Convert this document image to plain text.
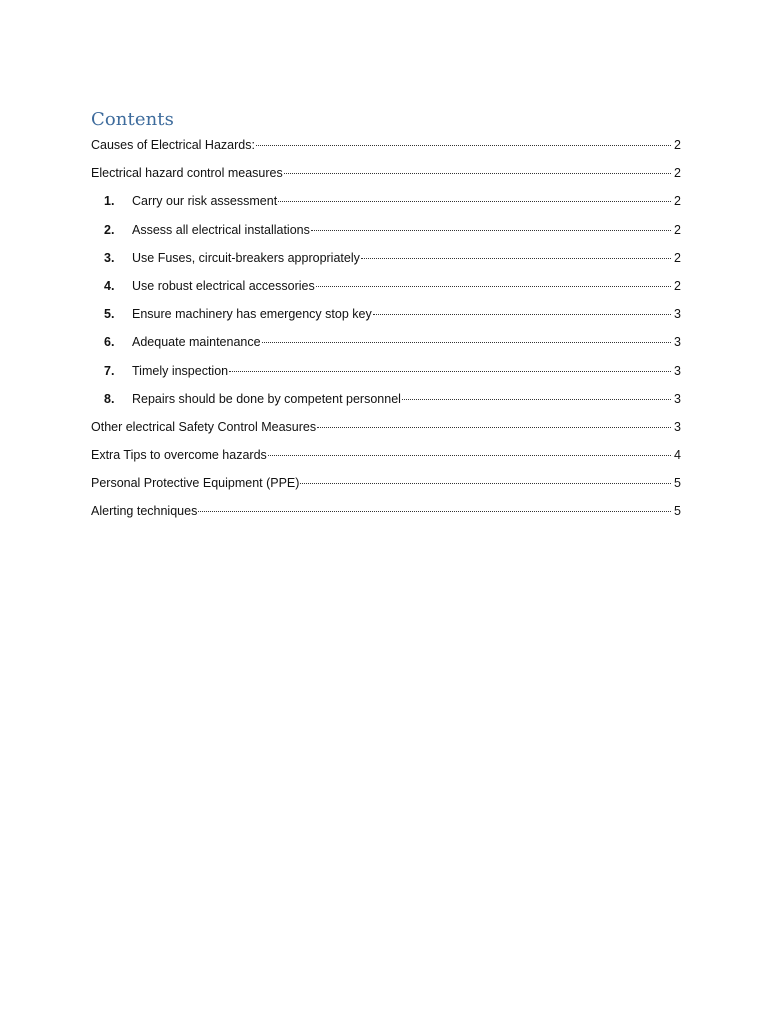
Contents
Causes of Electrical Hazards:	2
Electrical hazard control measures	2
1.	Carry our risk assessment	2
2.	Assess all electrical installations	2
3.	Use Fuses, circuit-breakers appropriately	2
4.	Use robust electrical accessories	2
5.	Ensure machinery has emergency stop key	3
6.	Adequate maintenance	3
7.	Timely inspection	3
8.	Repairs should be done by competent personnel	3
Other electrical Safety Control Measures	3
Extra Tips to overcome hazards	4
Personal Protective Equipment (PPE)	5
Alerting techniques	5
